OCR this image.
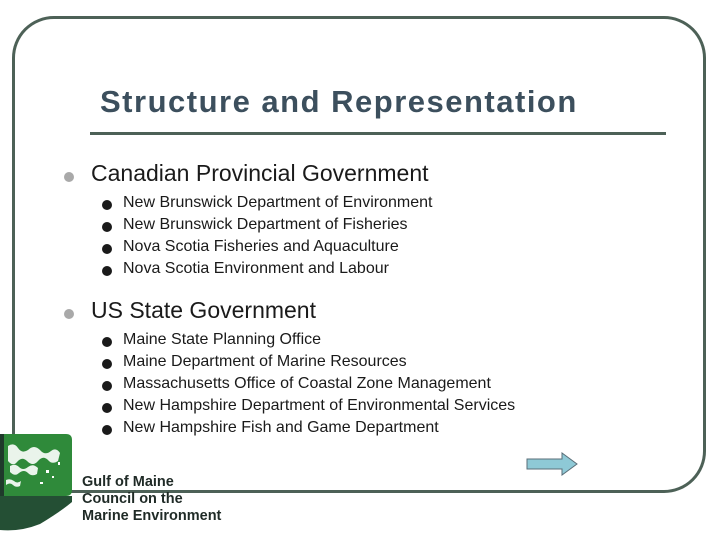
Structure and Representation
Canadian Provincial Government
New Brunswick Department of Environment
New Brunswick Department of Fisheries
Nova Scotia Fisheries and Aquaculture
Nova Scotia Environment and Labour
US State Government
Maine State Planning Office
Maine Department of Marine Resources
Massachusetts Office of Coastal Zone Management
New Hampshire Department of Environmental Services
New Hampshire Fish and Game Department
Gulf of Maine
Council on the
Marine Environment
